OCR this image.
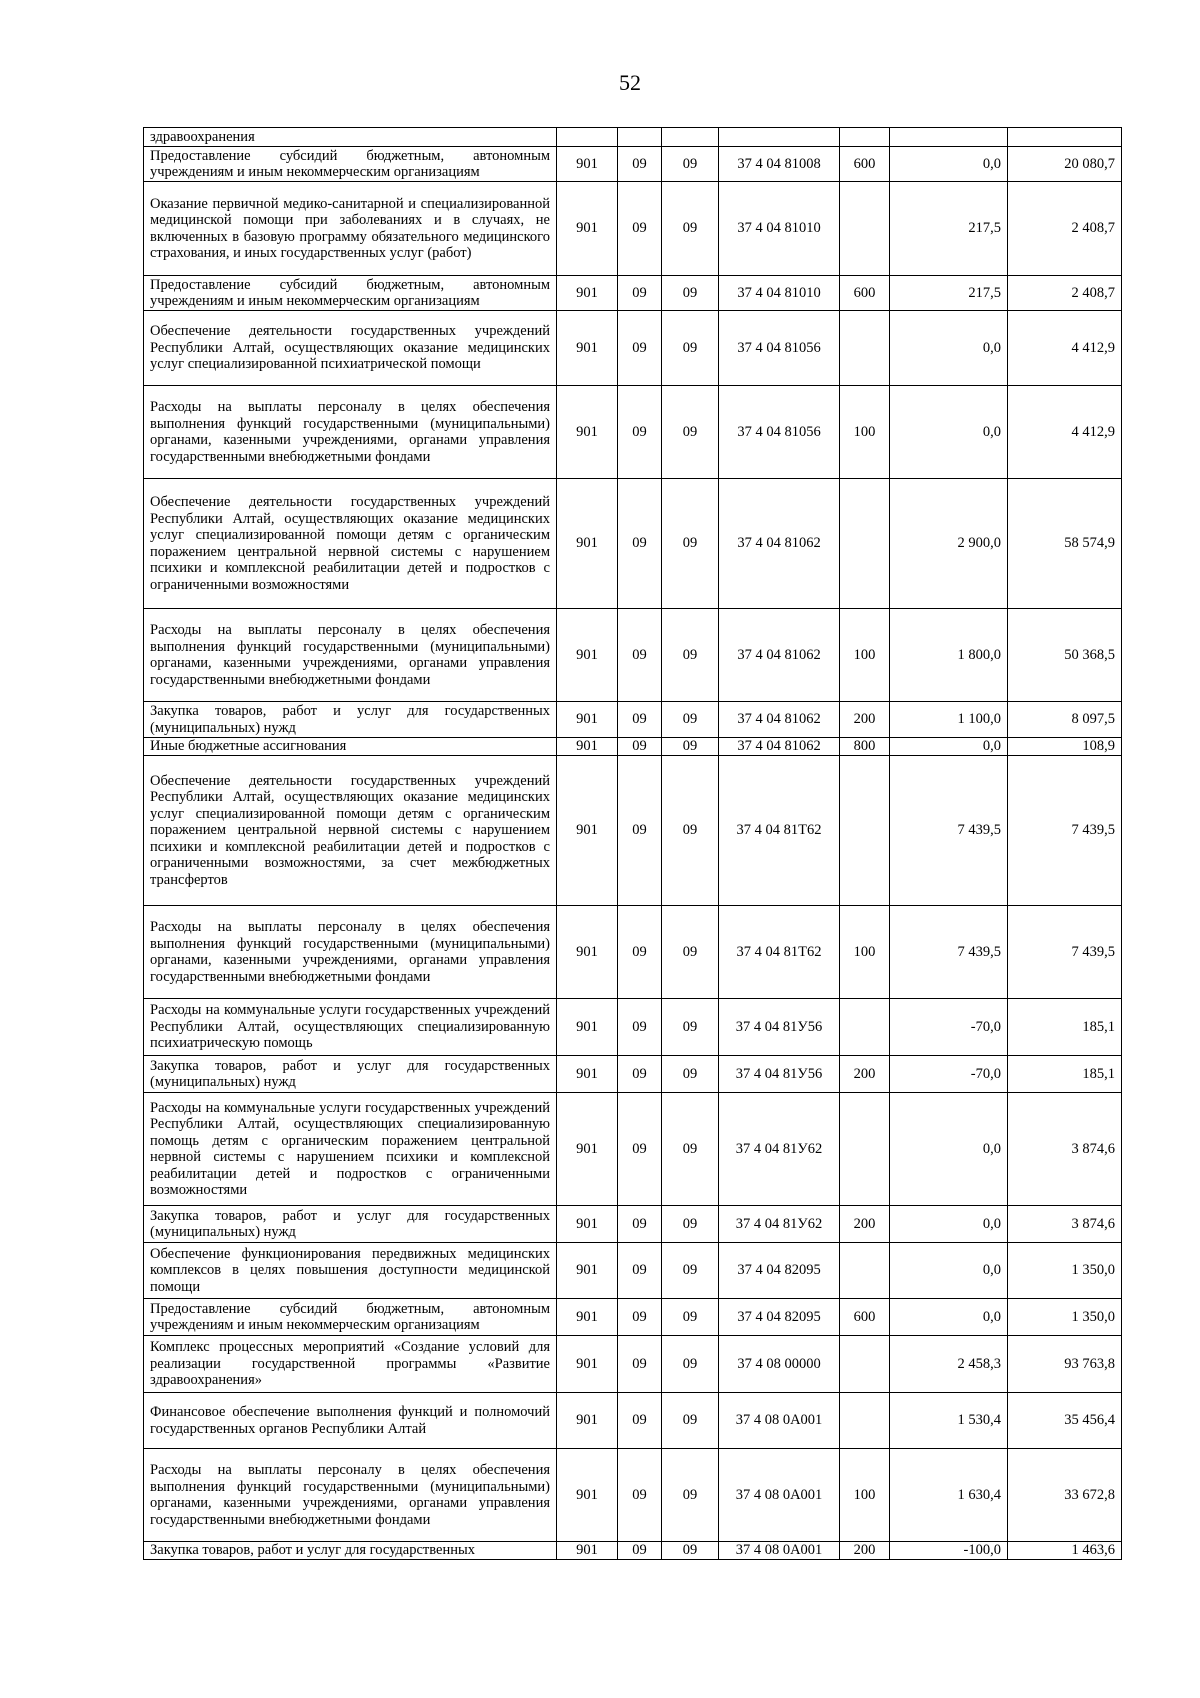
52
здравоохранения							
Предоставление субсидий бюджетным, автономным учреждениям и иным некоммерческим организациям	901	09	09	37 4 04 81008	600	0,0	20 080,7
Оказание первичной медико-санитарной и специализированной медицинской помощи при заболеваниях и в случаях, не включенных в базовую программу обязательного медицинского страхования, и иных государственных услуг (работ)	901	09	09	37 4 04 81010		217,5	2 408,7
Предоставление субсидий бюджетным, автономным учреждениям и иным некоммерческим организациям	901	09	09	37 4 04 81010	600	217,5	2 408,7
Обеспечение деятельности государственных учреждений Республики Алтай, осуществляющих оказание медицинских услуг специализированной психиатрической помощи	901	09	09	37 4 04 81056		0,0	4 412,9
Расходы на выплаты персоналу в целях обеспечения выполнения функций государственными (муниципальными) органами, казенными учреждениями, органами управления государственными внебюджетными фондами	901	09	09	37 4 04 81056	100	0,0	4 412,9
Обеспечение деятельности государственных учреждений Республики Алтай, осуществляющих оказание медицинских услуг специализированной помощи детям с органическим поражением центральной нервной системы с нарушением психики и комплексной реабилитации детей и подростков с ограниченными возможностями	901	09	09	37 4 04 81062		2 900,0	58 574,9
Расходы на выплаты персоналу в целях обеспечения выполнения функций государственными (муниципальными) органами, казенными учреждениями, органами управления государственными внебюджетными фондами	901	09	09	37 4 04 81062	100	1 800,0	50 368,5
Закупка товаров, работ и услуг для государственных (муниципальных) нужд	901	09	09	37 4 04 81062	200	1 100,0	8 097,5
Иные бюджетные ассигнования	901	09	09	37 4 04 81062	800	0,0	108,9
Обеспечение деятельности государственных учреждений Республики Алтай, осуществляющих оказание медицинских услуг специализированной помощи детям с органическим поражением центральной нервной системы с нарушением психики и комплексной реабилитации детей и подростков с ограниченными возможностями, за счет межбюджетных трансфертов	901	09	09	37 4 04 81Т62		7 439,5	7 439,5
Расходы на выплаты персоналу в целях обеспечения выполнения функций государственными (муниципальными) органами, казенными учреждениями, органами управления государственными внебюджетными фондами	901	09	09	37 4 04 81Т62	100	7 439,5	7 439,5
Расходы на коммунальные услуги государственных учреждений Республики Алтай, осуществляющих специализированную психиатрическую помощь	901	09	09	37 4 04 81У56		-70,0	185,1
Закупка товаров, работ и услуг для государственных (муниципальных) нужд	901	09	09	37 4 04 81У56	200	-70,0	185,1
Расходы на коммунальные услуги государственных учреждений Республики Алтай, осуществляющих специализированную помощь детям с органическим поражением центральной нервной системы с нарушением психики и комплексной реабилитации детей и подростков с ограниченными возможностями	901	09	09	37 4 04 81У62		0,0	3 874,6
Закупка товаров, работ и услуг для государственных (муниципальных) нужд	901	09	09	37 4 04 81У62	200	0,0	3 874,6
Обеспечение функционирования передвижных медицинских комплексов в целях повышения доступности медицинской помощи	901	09	09	37 4 04 82095		0,0	1 350,0
Предоставление субсидий бюджетным, автономным учреждениям и иным некоммерческим организациям	901	09	09	37 4 04 82095	600	0,0	1 350,0
Комплекс процессных мероприятий «Создание условий для реализации государственной программы «Развитие здравоохранения»	901	09	09	37 4 08 00000		2 458,3	93 763,8
Финансовое обеспечение выполнения функций и полномочий государственных органов Республики Алтай	901	09	09	37 4 08 0А001		1 530,4	35 456,4
Расходы на выплаты персоналу в целях обеспечения выполнения функций государственными (муниципальными) органами, казенными учреждениями, органами управления государственными внебюджетными фондами	901	09	09	37 4 08 0А001	100	1 630,4	33 672,8
Закупка товаров, работ и услуг для государственных	901	09	09	37 4 08 0А001	200	-100,0	1 463,6
